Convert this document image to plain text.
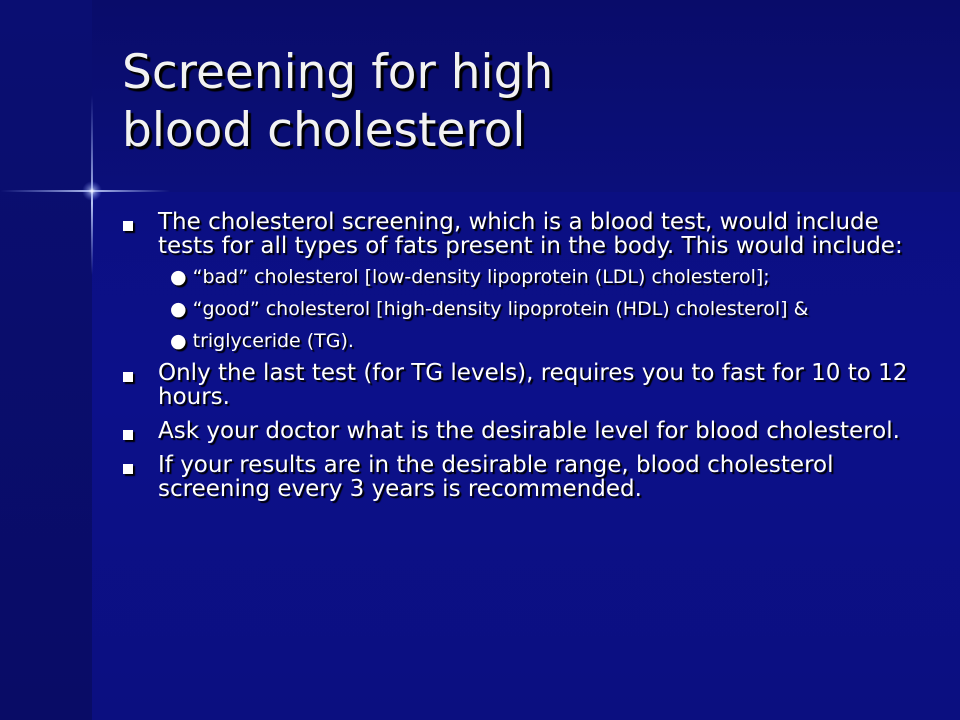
Screening for high
blood cholesterol
The cholesterol screening, which is a blood test, would include tests for all types of fats present in the body. This would include:
● “bad” cholesterol [low-density lipoprotein (LDL) cholesterol];
● “good” cholesterol [high-density lipoprotein (HDL) cholesterol] &
● triglyceride (TG).
Only the last test (for TG levels), requires you to fast for 10 to 12 hours.
Ask your doctor what is the desirable level for blood cholesterol.
If your results are in the desirable range, blood cholesterol screening every 3 years is recommended.
